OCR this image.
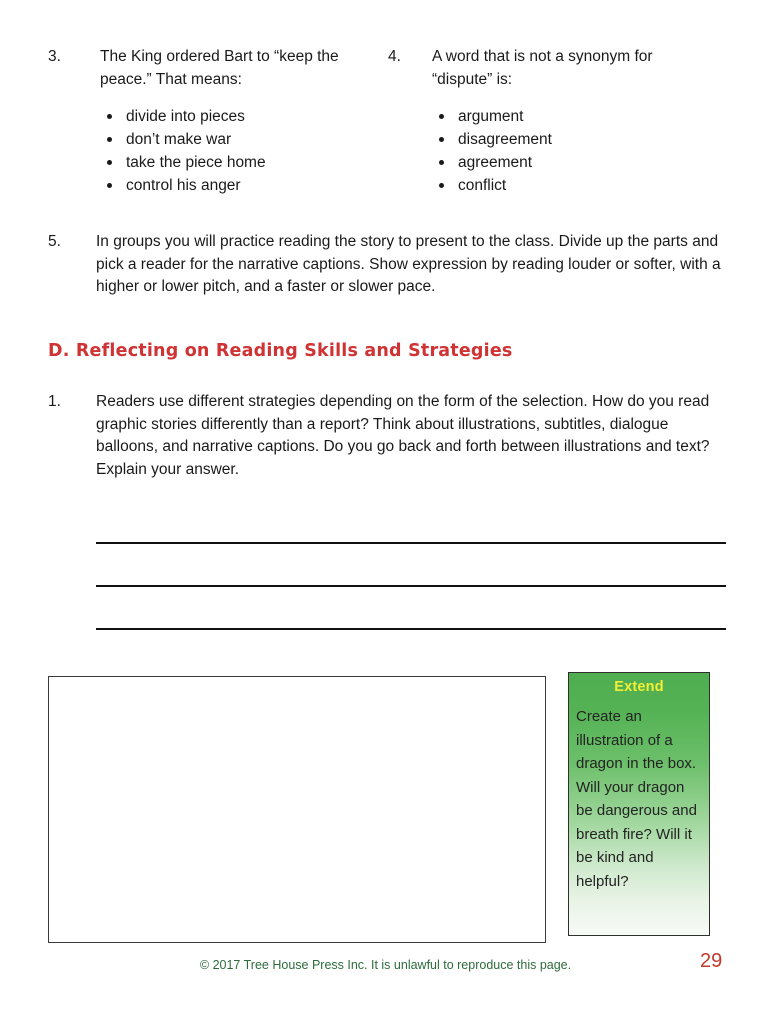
3.	The King ordered Bart to “keep the peace.” That means:
divide into pieces
don’t make war
take the piece home
control his anger
4.	A word that is not a synonym for “dispute” is:
argument
disagreement
agreement
conflict
5.	In groups you will practice reading the story to present to the class. Divide up the parts and pick a reader for the narrative captions. Show expression by reading louder or softer, with a higher or lower pitch, and a faster or slower pace.
D. Reflecting on Reading Skills and Strategies
1.	Readers use different strategies depending on the form of the selection. How do you read graphic stories differently than a report? Think about illustrations, subtitles, dialogue balloons, and narrative captions. Do you go back and forth between illustrations and text? Explain your answer.
Extend
Create an illustration of a dragon in the box. Will your dragon be dangerous and breath fire? Will it be kind and helpful?
© 2017 Tree House Press Inc. It is unlawful to reproduce this page.	29
